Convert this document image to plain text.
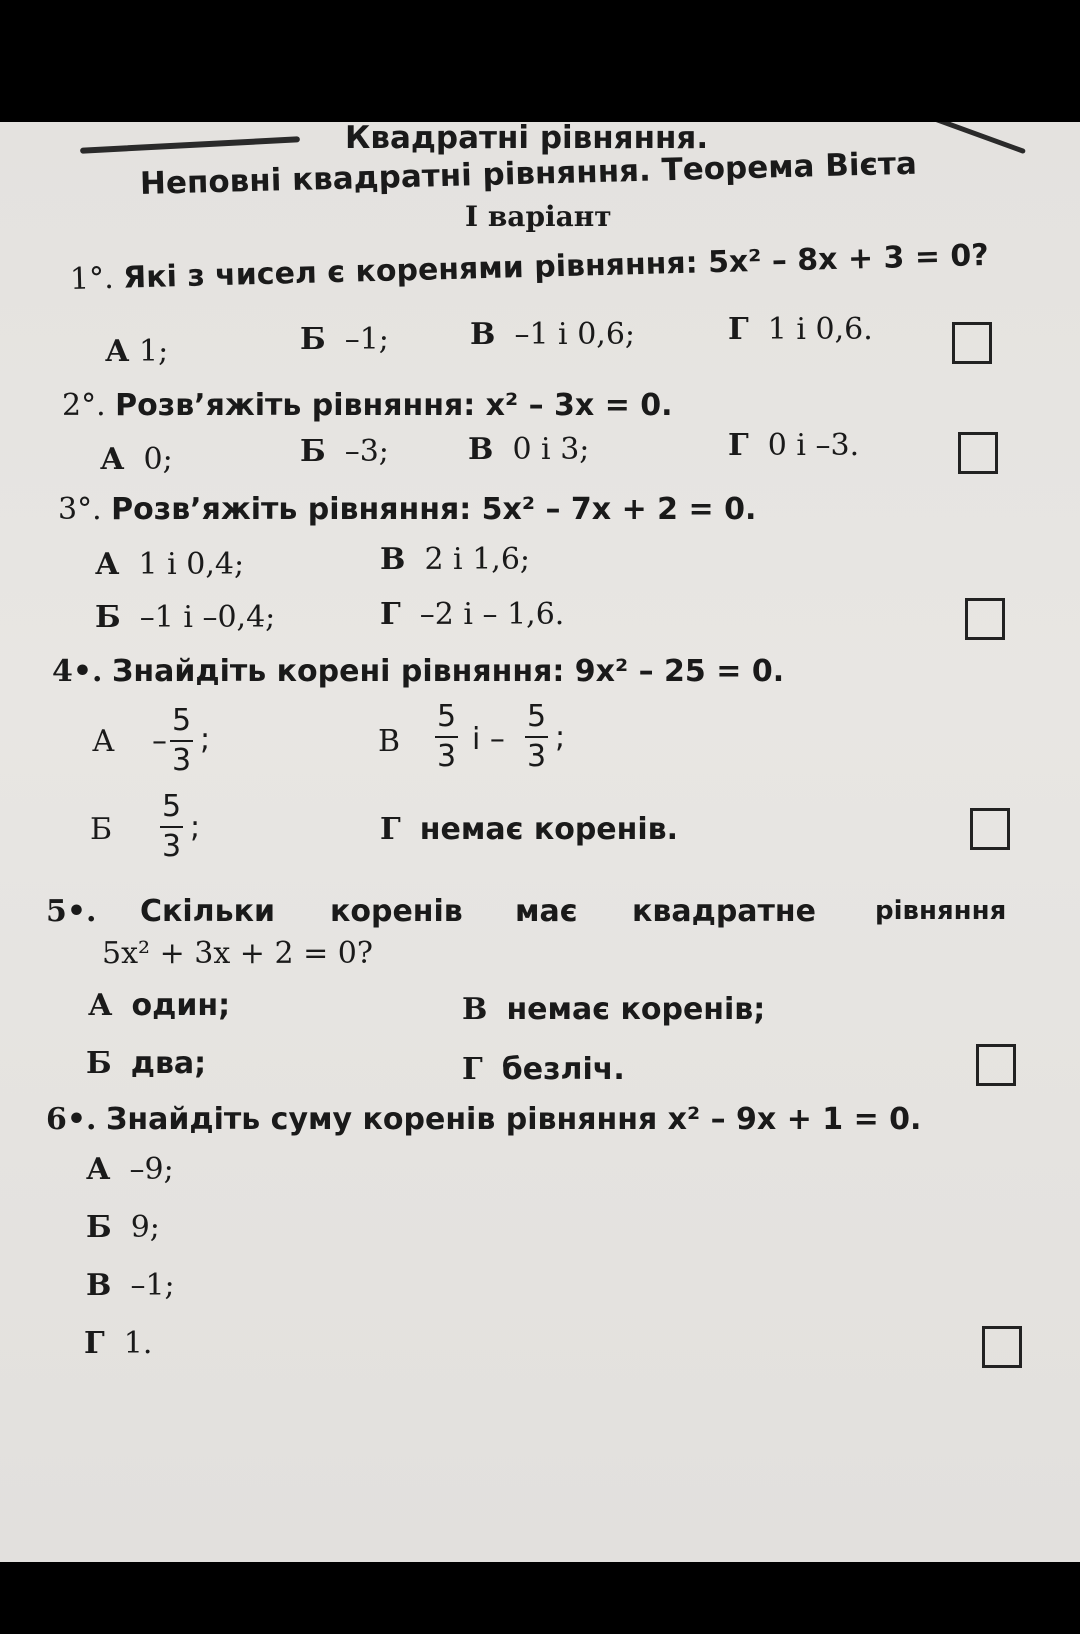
Квадратні рівняння.
Неповні квадратні рівняння. Теорема Вієта
І варіант
1°. Які з чисел є коренями рівняння: 5x² – 8x + 3 = 0?
А 1;	Б –1;	В –1 і 0,6;	Г 1 і 0,6.
2°. Розв’яжіть рівняння: x² – 3x = 0.
А 0;	Б –3;	В 0 і 3;	Г 0 і –3.
3°. Розв’яжіть рівняння: 5x² – 7x + 2 = 0.
А 1 і 0,4;	В 2 і 1,6;
Б –1 і –0,4;	Г –2 і – 1,6.
4•. Знайдіть корені рівняння: 9x² – 25 = 0.
А – $\frac{5}{3}$ ;	В $\frac{5}{3}$ і – $\frac{5}{3}$ ;
Б $\frac{5}{3}$ ;	Г немає коренів.
5•. Скільки коренів має квадратне рівняння
5x² + 3x + 2 = 0?
А один;	В немає коренів;
Б два;	Г безліч.
6•. Знайдіть суму коренів рівняння x² – 9x + 1 = 0.
А –9;
Б 9;
В –1;
Г 1.
